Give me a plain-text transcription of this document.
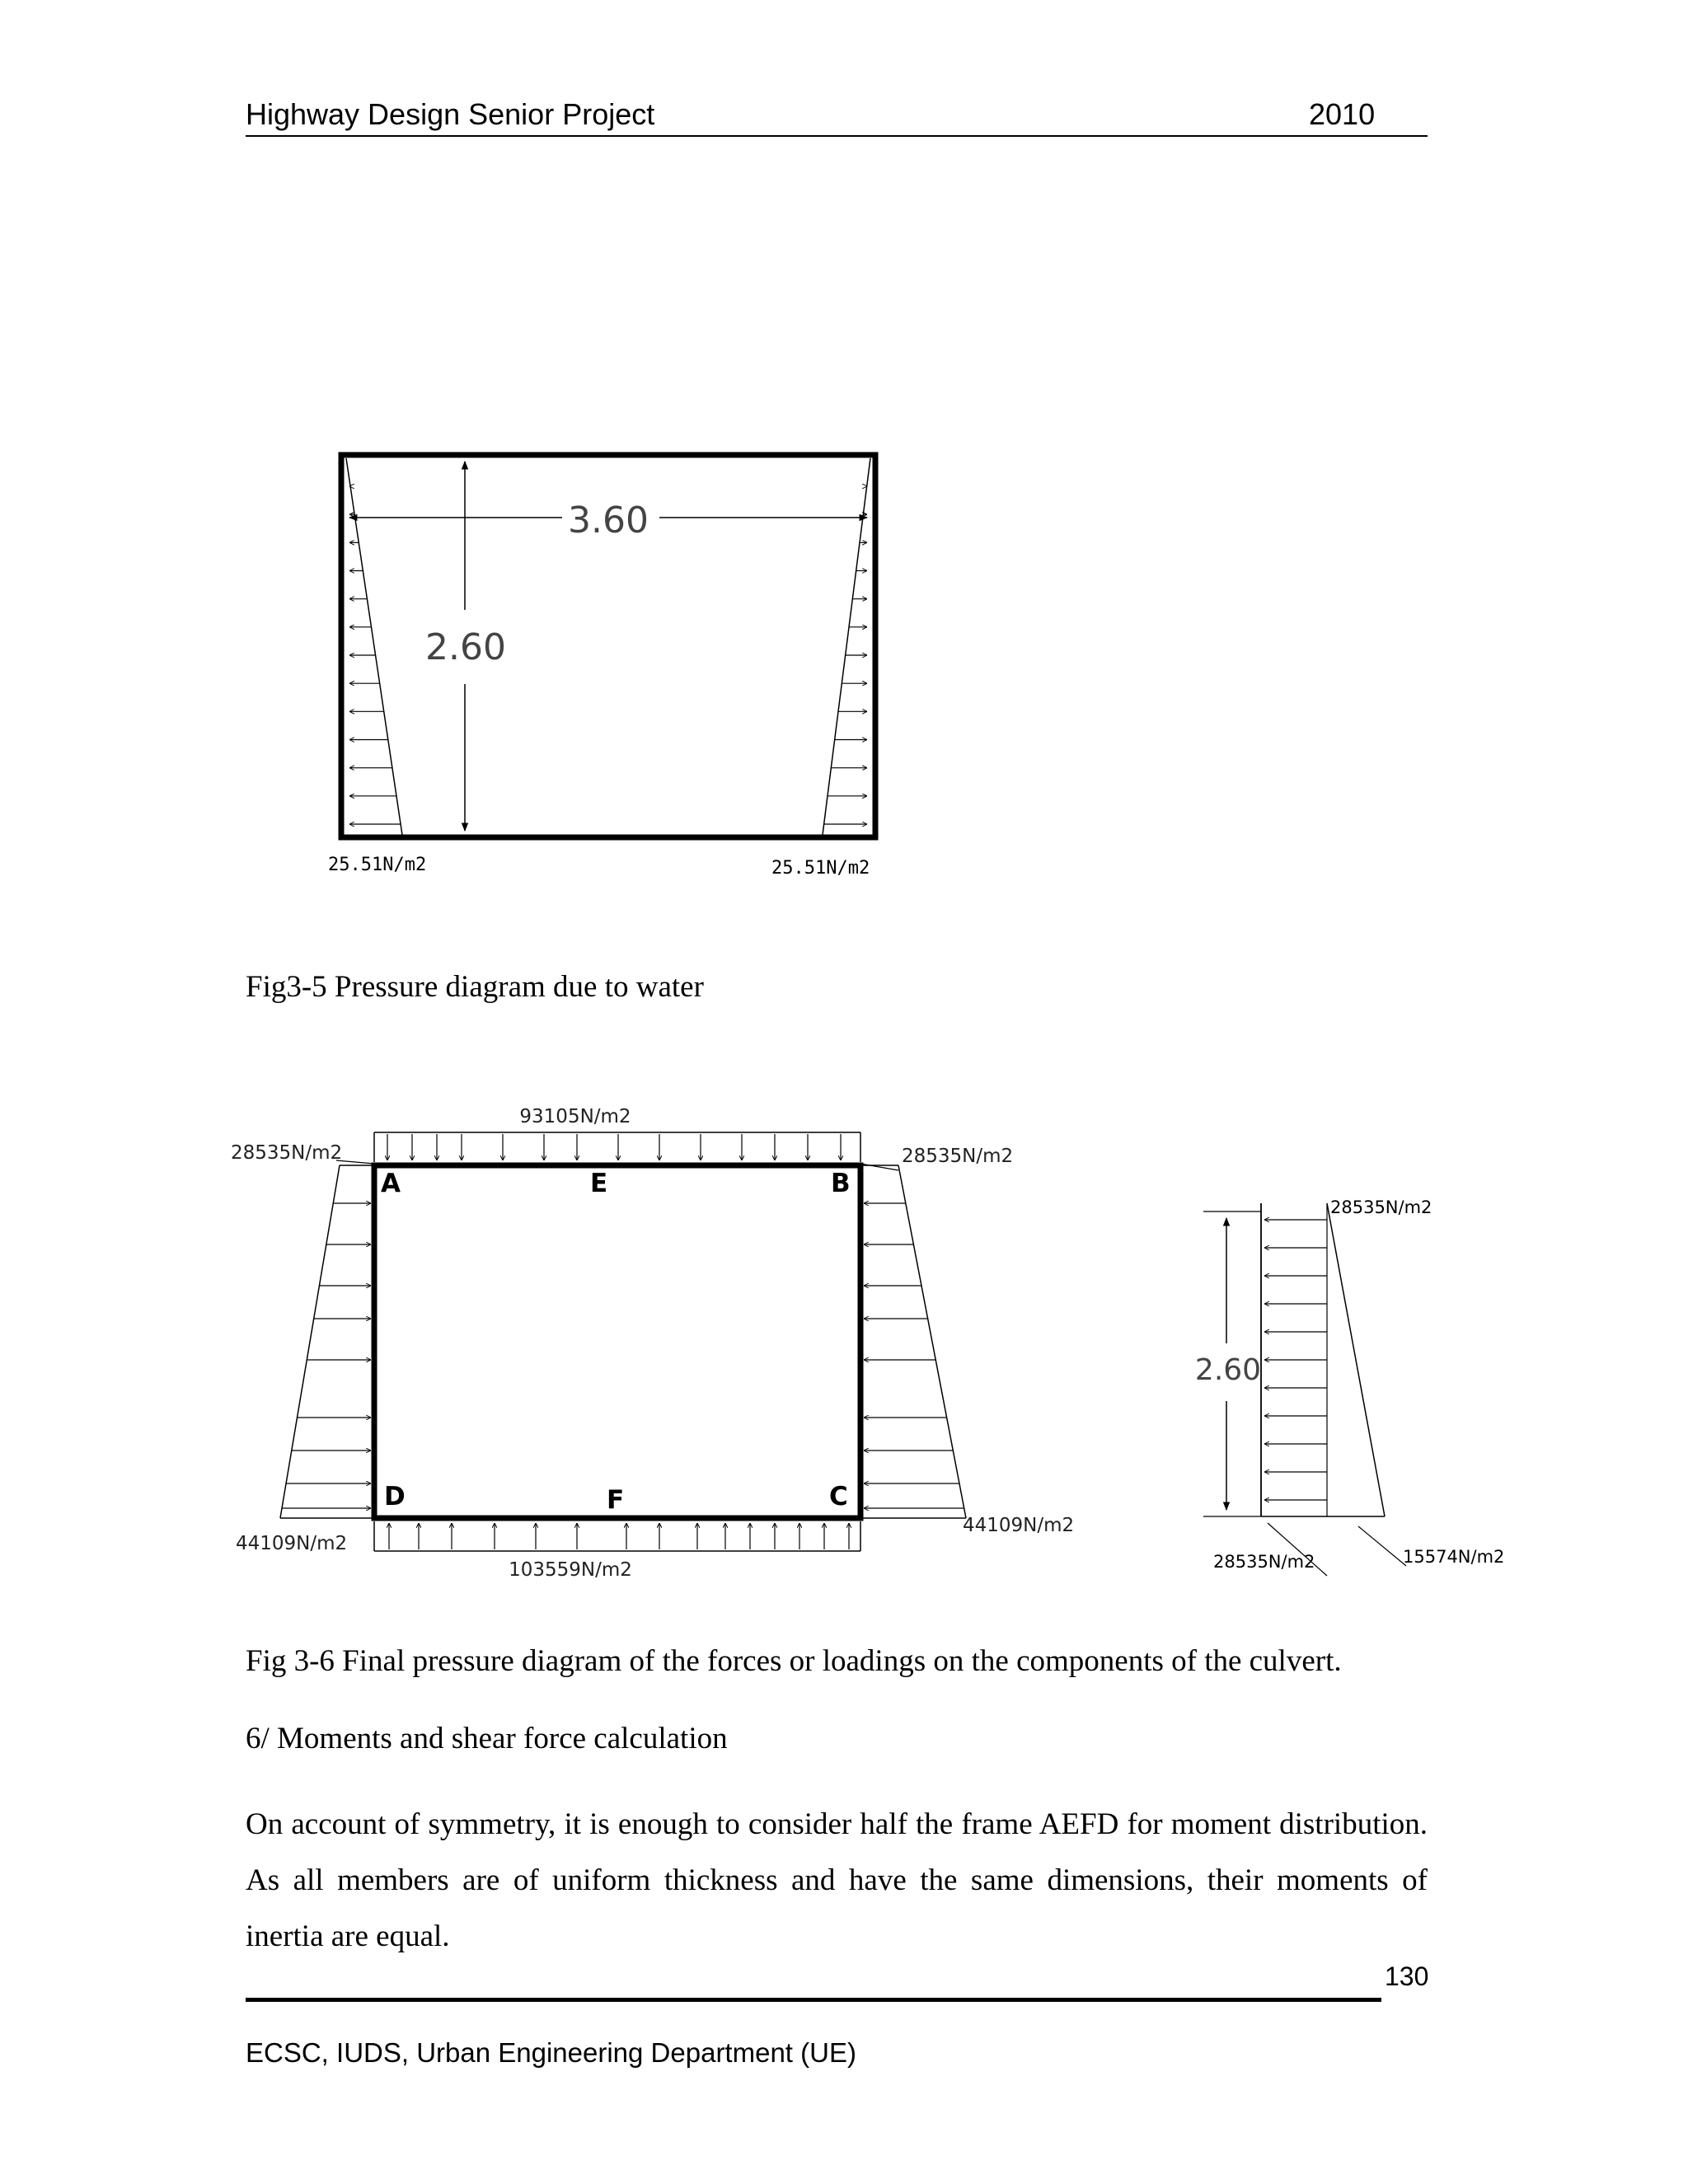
Highway Design Senior Project	2010
3.60
2.60
25.51N/m2	25.51N/m2
93105N/m2
28535N/m2	28535N/m2
44109N/m2
44109N/m2
103559N/m2
A	E	B
D	F	C
28535N/m2
2.60
28535N/m2	15574N/m2
Fig3-5 Pressure diagram due to water
Fig 3-6 Final pressure diagram of the forces or loadings on the components of the culvert.
6/ Moments and shear force calculation
On account of symmetry, it is enough to consider half the frame AEFD for moment distribution. As all members are of uniform thickness and have the same dimensions, their moments of inertia are equal.
130
ECSC, IUDS, Urban Engineering Department (UE)
